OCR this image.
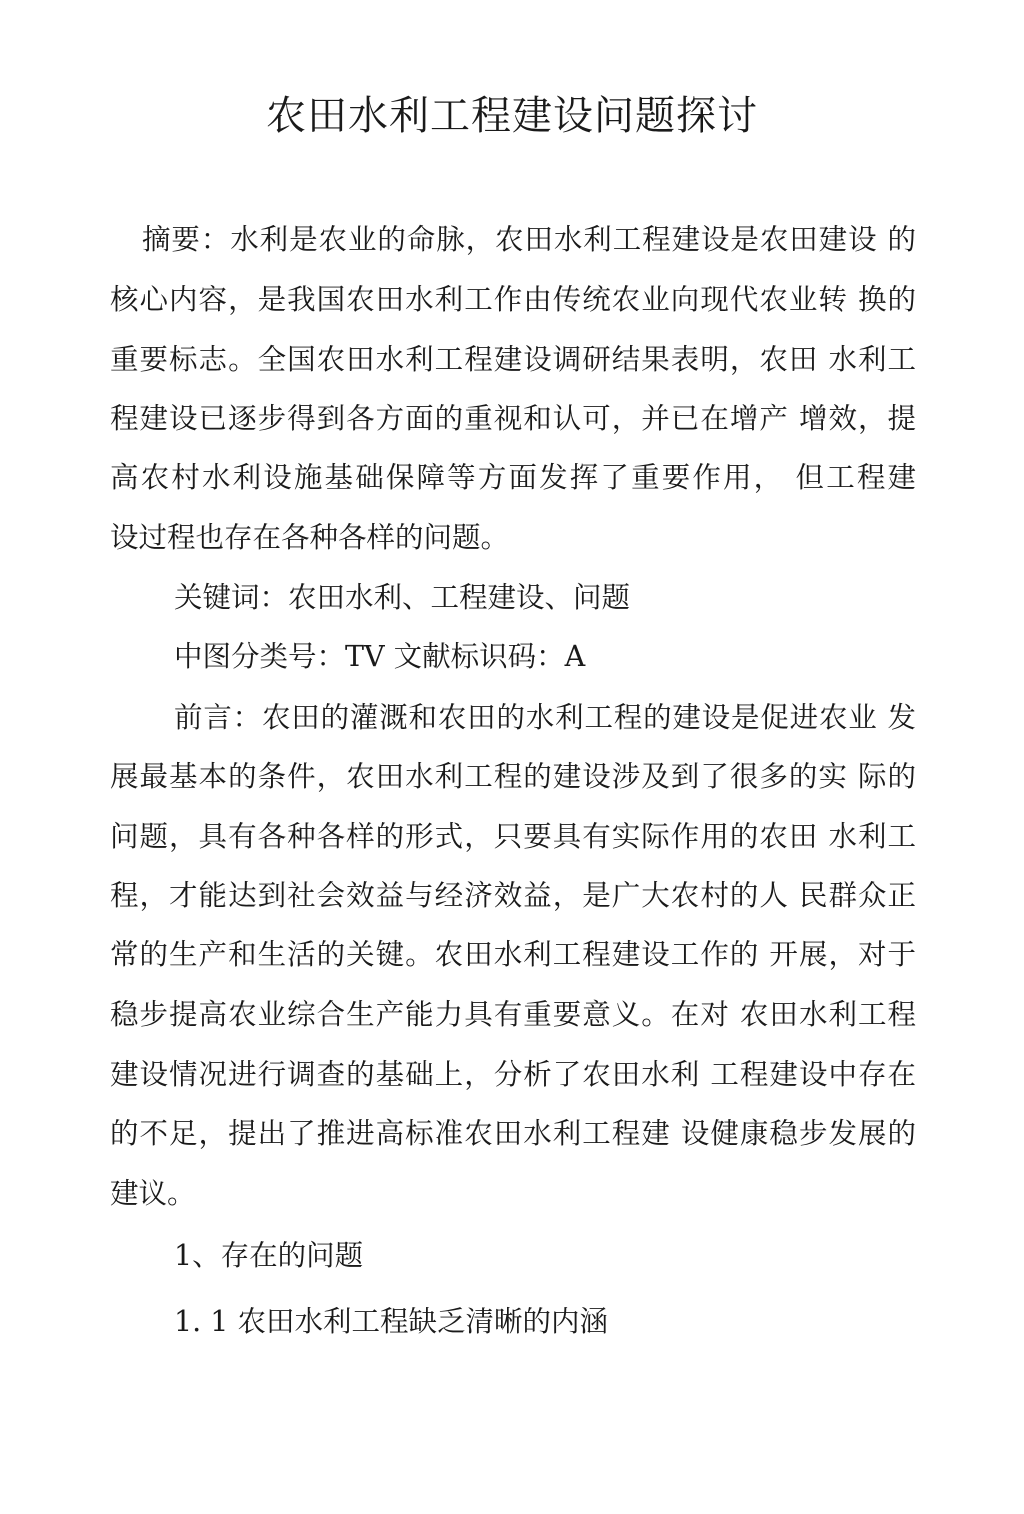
农田水利工程建设问题探讨
摘要：水利是农业的命脉，农田水利工程建设是农田建设 的
核心内容，是我国农田水利工作由传统农业向现代农业转 换的
重要标志。全国农田水利工程建设调研结果表明，农田 水利工
程建设已逐步得到各方面的重视和认可，并已在增产 增效，提
高农村水利设施基础保障等方面发挥了重要作用， 但工程建
设过程也存在各种各样的问题。
关键词：农田水利、工程建设、问题
中图分类号：TV 文献标识码：A
前言：农田的灌溉和农田的水利工程的建设是促进农业 发
展最基本的条件，农田水利工程的建设涉及到了很多的实 际的
问题，具有各种各样的形式，只要具有实际作用的农田 水利工
程，才能达到社会效益与经济效益，是广大农村的人 民群众正
常的生产和生活的关键。农田水利工程建设工作的 开展，对于
稳步提高农业综合生产能力具有重要意义。在对 农田水利工程
建设情况进行调查的基础上，分析了农田水利 工程建设中存在
的不足，提出了推进高标准农田水利工程建 设健康稳步发展的
建议。
1、存在的问题
1. 1 农田水利工程缺乏清晰的内涵
